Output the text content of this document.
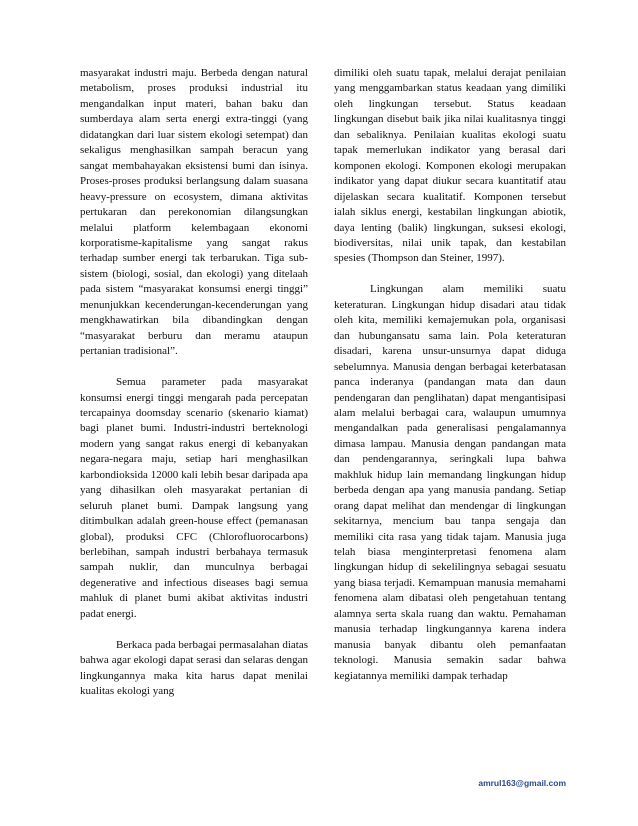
masyarakat industri maju. Berbeda dengan natural metabolism, proses produksi industrial itu mengandalkan input materi, bahan baku dan sumberdaya alam serta energi extra-tinggi (yang didatangkan dari luar sistem ekologi setempat) dan sekaligus menghasilkan sampah beracun yang sangat membahayakan eksistensi bumi dan isinya. Proses-proses produksi berlangsung dalam suasana heavy-pressure on ecosystem, dimana aktivitas pertukaran dan perekonomian dilangsungkan melalui platform kelembagaan ekonomi korporatisme-kapitalisme yang sangat rakus terhadap sumber energi tak terbarukan. Tiga sub-sistem (biologi, sosial, dan ekologi) yang ditelaah pada sistem “masyarakat konsumsi energi tinggi” menunjukkan kecenderungan-kecenderungan yang mengkhawatirkan bila dibandingkan dengan “masyarakat berburu dan meramu ataupun pertanian tradisional”.

Semua parameter pada masyarakat konsumsi energi tinggi mengarah pada percepatan tercapainya doomsday scenario (skenario kiamat) bagi planet bumi. Industri-industri berteknologi modern yang sangat rakus energi di kebanyakan negara-negara maju, setiap hari menghasilkan karbondioksida 12000 kali lebih besar daripada apa yang dihasilkan oleh masyarakat pertanian di seluruh planet bumi. Dampak langsung yang ditimbulkan adalah green-house effect (pemanasan global), produksi CFC (Chlorofluorocarbons) berlebihan, sampah industri berbahaya termasuk sampah nuklir, dan munculnya berbagai degenerative and infectious diseases bagi semua mahluk di planet bumi akibat aktivitas industri padat energi.

Berkaca pada berbagai permasalahan diatas bahwa agar ekologi dapat serasi dan selaras dengan lingkungannya maka kita harus dapat menilai kualitas ekologi yang

dimiliki oleh suatu tapak, melalui derajat penilaian yang menggambarkan status keadaan yang dimiliki oleh lingkungan tersebut. Status keadaan lingkungan disebut baik jika nilai kualitasnya tinggi dan sebaliknya. Penilaian kualitas ekologi suatu tapak memerlukan indikator yang berasal dari komponen ekologi. Komponen ekologi merupakan indikator yang dapat diukur secara kuantitatif atau dijelaskan secara kualitatif. Komponen tersebut ialah siklus energi, kestabilan lingkungan abiotik, daya lenting (balik) lingkungan, suksesi ekologi, biodiversitas, nilai unik tapak, dan kestabilan spesies (Thompson dan Steiner, 1997).

Lingkungan alam memiliki suatu keteraturan. Lingkungan hidup disadari atau tidak oleh kita, memiliki kemajemukan pola, organisasi dan hubungansatu sama lain. Pola keteraturan disadari, karena unsur-unsurnya dapat diduga sebelumnya. Manusia dengan berbagai keterbatasan panca inderanya (pandangan mata dan daun pendengaran dan penglihatan) dapat mengantisipasi alam melalui berbagai cara, walaupun umumnya mengandalkan pada generalisasi pengalamannya dimasa lampau. Manusia dengan pandangan mata dan pendengarannya, seringkali lupa bahwa makhluk hidup lain memandang lingkungan hidup berbeda dengan apa yang manusia pandang. Setiap orang dapat melihat dan mendengar di lingkungan sekitarnya, mencium bau tanpa sengaja dan memiliki cita rasa yang tidak tajam. Manusia juga telah biasa menginterpretasi fenomena alam lingkungan hidup di sekelilingnya sebagai sesuatu yang biasa terjadi. Kemampuan manusia memahami fenomena alam dibatasi oleh pengetahuan tentang alamnya serta skala ruang dan waktu. Pemahaman manusia terhadap lingkungannya karena indera manusia banyak dibantu oleh pemanfaatan teknologi. Manusia semakin sadar bahwa kegiatannya memiliki dampak terhadap

amrul163@gmail.com
